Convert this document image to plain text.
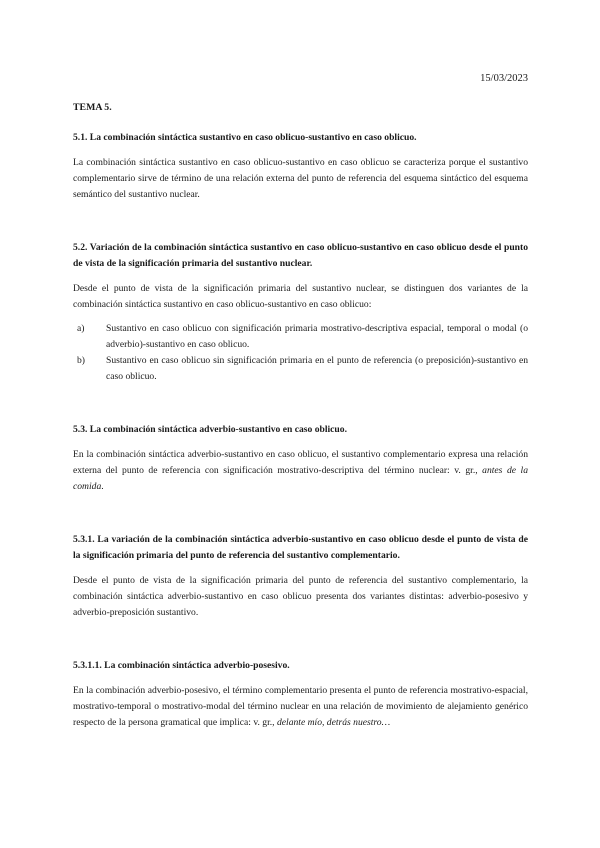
15/03/2023
TEMA 5.
5.1. La combinación sintáctica sustantivo en caso oblicuo-sustantivo en caso oblicuo.

La combinación sintáctica sustantivo en caso oblicuo-sustantivo en caso oblicuo se caracteriza porque el sustantivo complementario sirve de término de una relación externa del punto de referencia del esquema sintáctico del esquema semántico del sustantivo nuclear.

5.2. Variación de la combinación sintáctica sustantivo en caso oblicuo-sustantivo en caso oblicuo desde el punto de vista de la significación primaria del sustantivo nuclear.

Desde el punto de vista de la significación primaria del sustantivo nuclear, se distinguen dos variantes de la combinación sintáctica sustantivo en caso oblicuo-sustantivo en caso oblicuo:

a) Sustantivo en caso oblicuo con significación primaria mostrativo-descriptiva espacial, temporal o modal (o adverbio)-sustantivo en caso oblicuo.
b) Sustantivo en caso oblicuo sin significación primaria en el punto de referencia (o preposición)-sustantivo en caso oblicuo.
5.3. La combinación sintáctica adverbio-sustantivo en caso oblicuo.

En la combinación sintáctica adverbio-sustantivo en caso oblicuo, el sustantivo complementario expresa una relación externa del punto de referencia con significación mostrativo-descriptiva del término nuclear: v. gr., antes de la comida.

5.3.1. La variación de la combinación sintáctica adverbio-sustantivo en caso oblicuo desde el punto de vista de la significación primaria del punto de referencia del sustantivo complementario.

Desde el punto de vista de la significación primaria del punto de referencia del sustantivo complementario, la combinación sintáctica adverbio-sustantivo en caso oblicuo presenta dos variantes distintas: adverbio-posesivo y adverbio-preposición sustantivo.

5.3.1.1. La combinación sintáctica adverbio-posesivo.

En la combinación adverbio-posesivo, el término complementario presenta el punto de referencia mostrativo-espacial, mostrativo-temporal o mostrativo-modal del término nuclear en una relación de movimiento de alejamiento genérico respecto de la persona gramatical que implica: v. gr., delante mío, detrás nuestro…
